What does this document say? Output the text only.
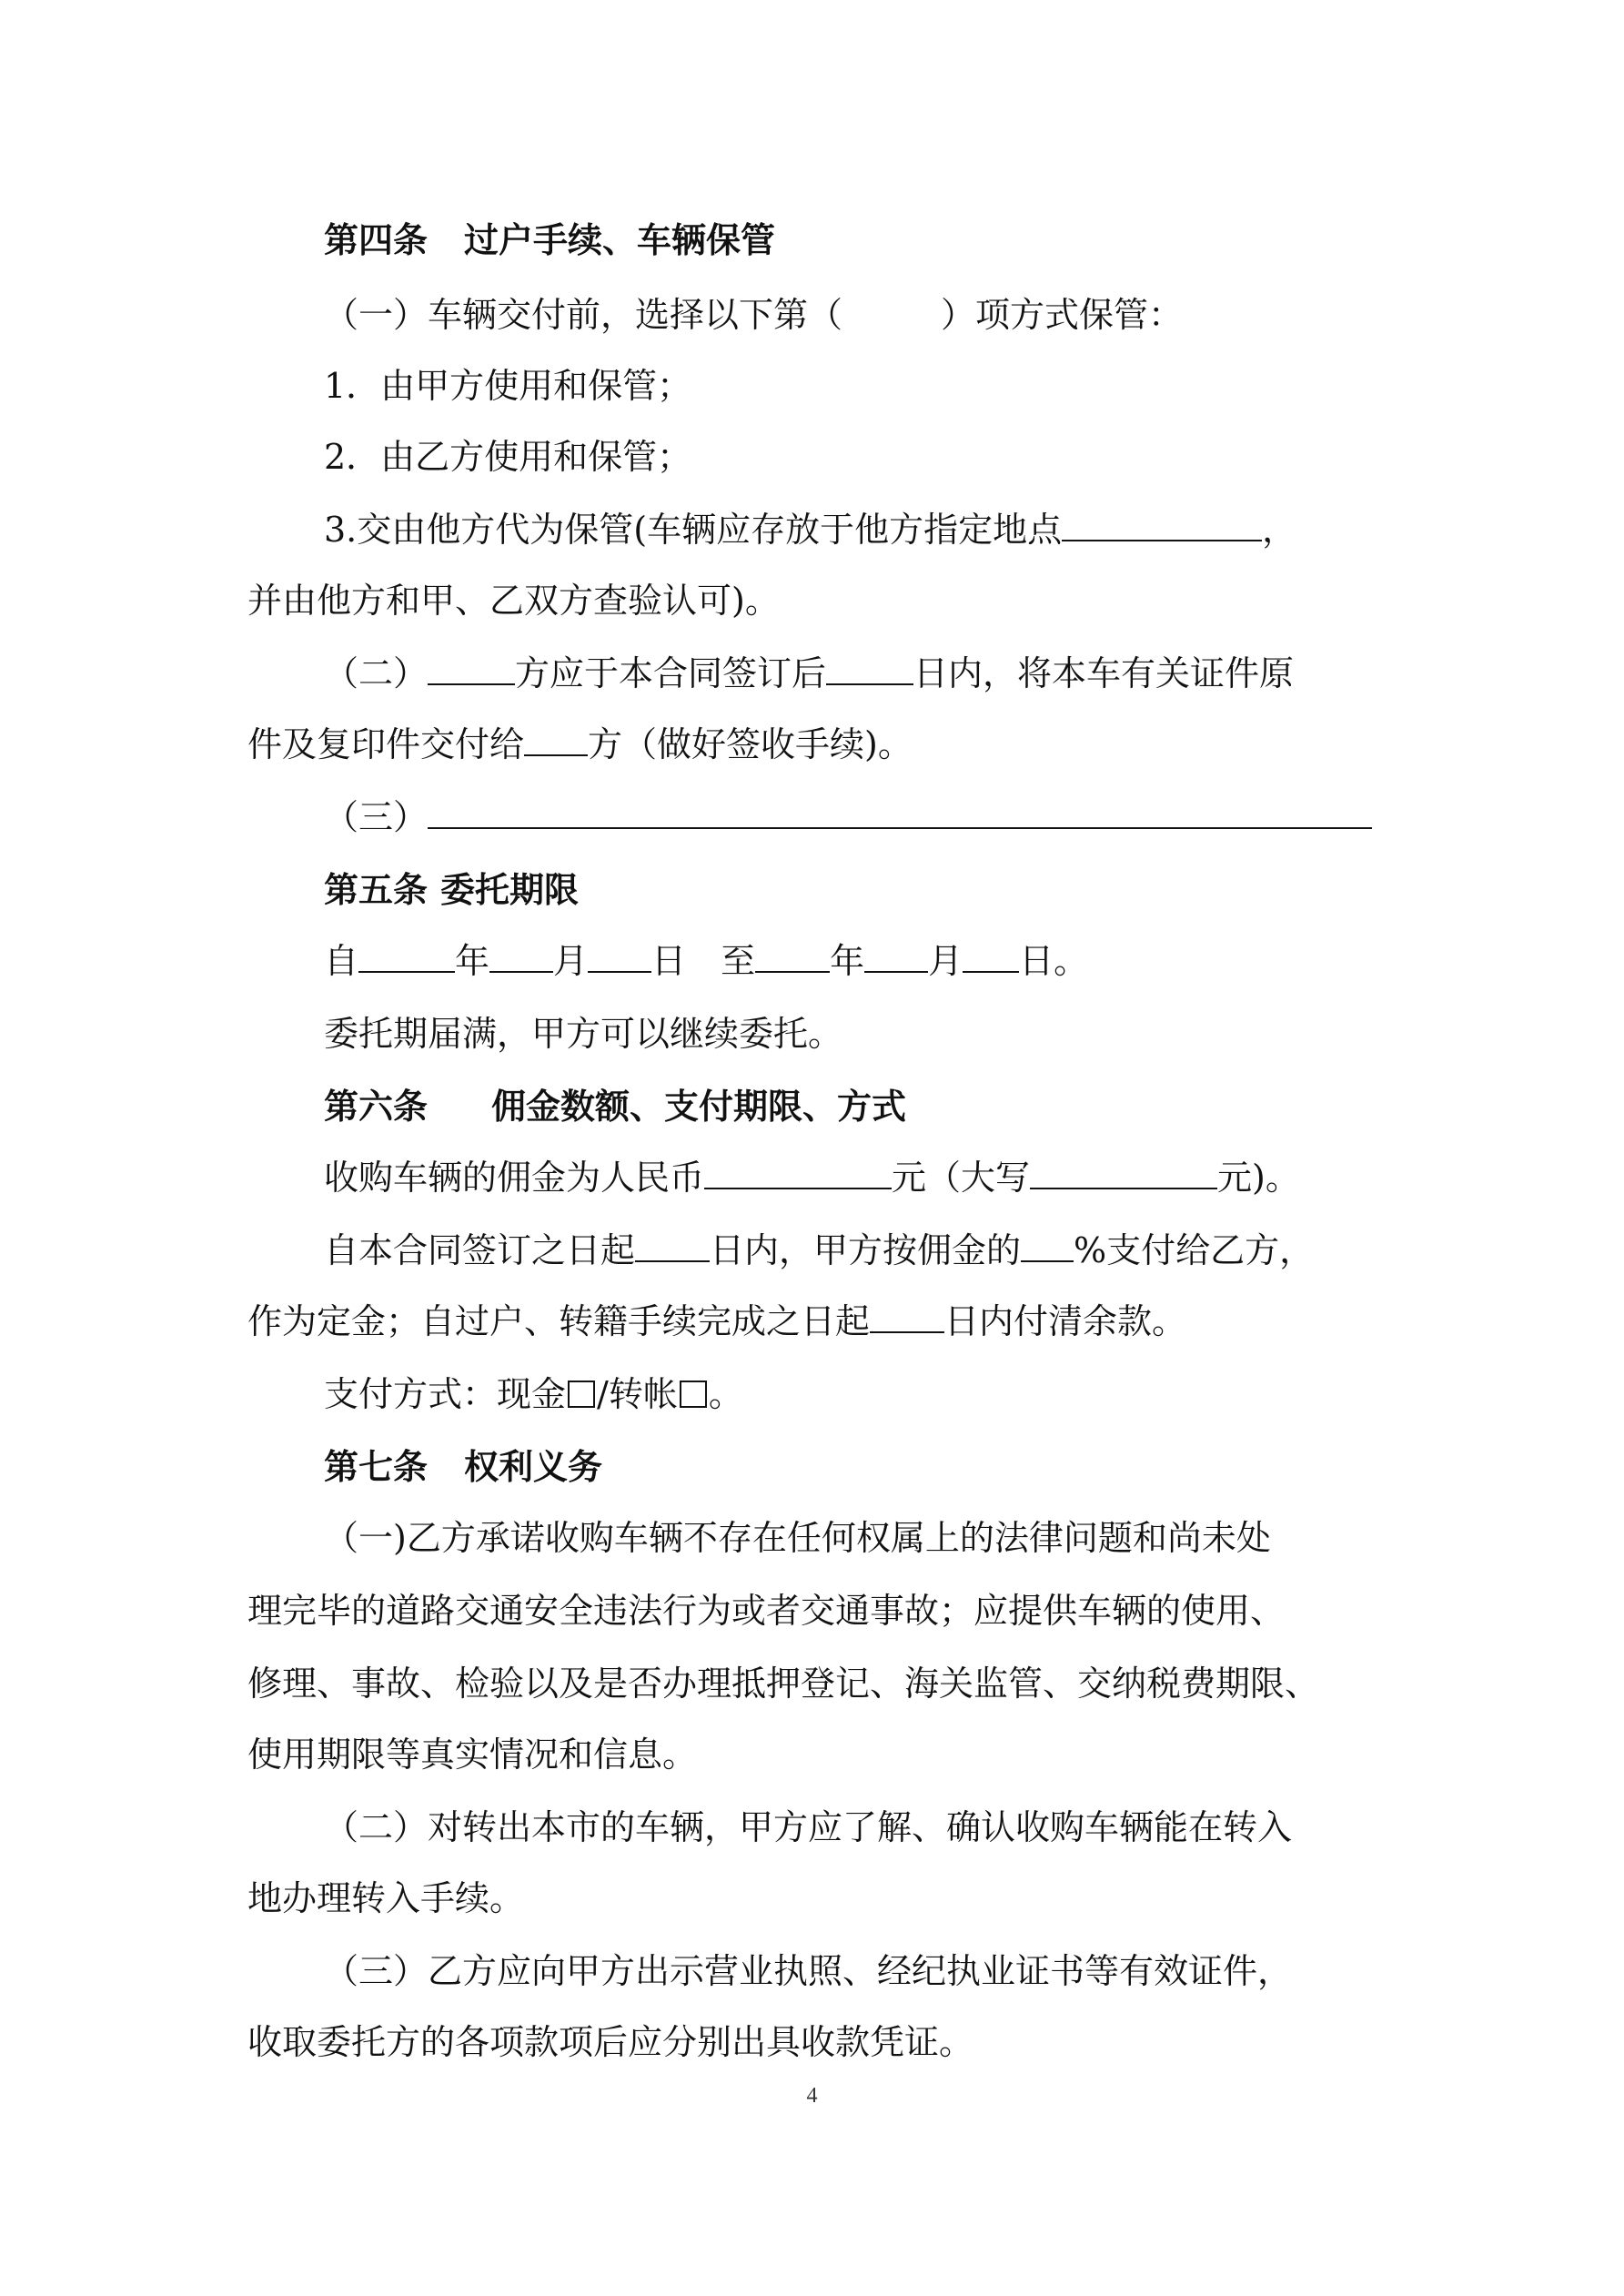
第四条 过户手续、车辆保管
（一）车辆交付前，选择以下第（	）项方式保管：
1．由甲方使用和保管；
2．由乙方使用和保管；
3.交由他方代为保管(车辆应存放于他方指定地点	，
并由他方和甲、乙双方查验认可)。
（二）	方应于本合同签订后	日内，将本车有关证件原
件及复印件交付给 方（做好签收手续)。
（三）
第五条 委托期限
自	年 月 日 至 年 月 日。
委托期届满，甲方可以继续委托。
第六条 佣金数额、支付期限、方式
收购车辆的佣金为人民币	元（大写	元)。
自本合同签订之日起 日内，甲方按佣金的 %支付给乙方，
作为定金；自过户、转籍手续完成之日起 日内付清余款。
支付方式：现金 /转帐 。
第七条 权利义务
（一)乙方承诺收购车辆不存在任何权属上的法律问题和尚未处
理完毕的道路交通安全违法行为或者交通事故；应提供车辆的使用、
修理、事故、检验以及是否办理抵押登记、海关监管、交纳税费期限、
使用期限等真实情况和信息。
（二）对转出本市的车辆，甲方应了解、确认收购车辆能在转入
地办理转入手续。
（三）乙方应向甲方出示营业执照、经纪执业证书等有效证件，
收取委托方的各项款项后应分别出具收款凭证。
4
